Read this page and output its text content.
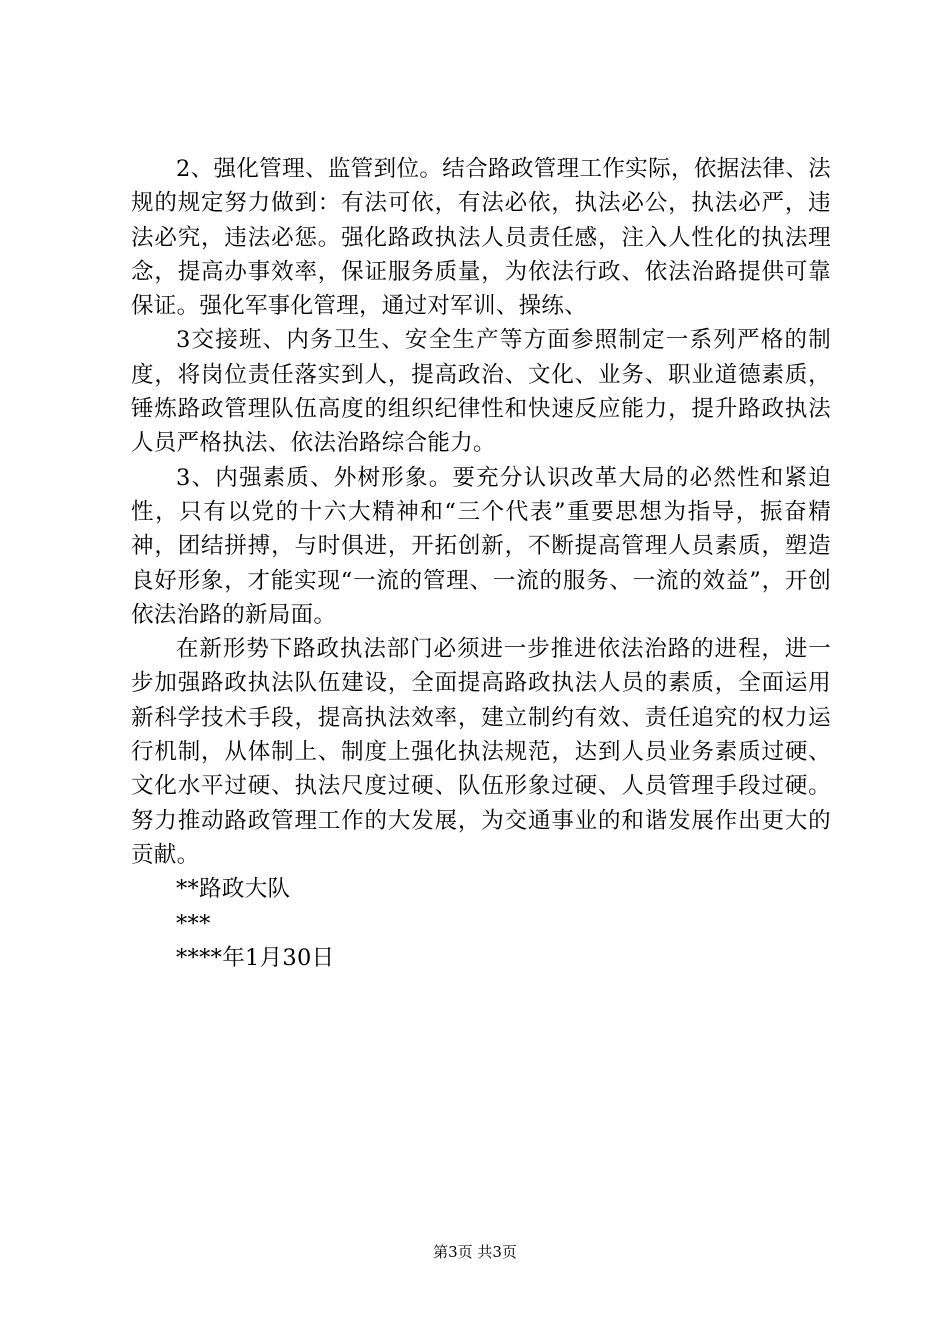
2、强化管理、监管到位。结合路政管理工作实际，依据法律、法规的规定努力做到：有法可依，有法必依，执法必公，执法必严，违法必究，违法必惩。强化路政执法人员责任感，注入人性化的执法理念，提高办事效率，保证服务质量，为依法行政、依法治路提供可靠保证。强化军事化管理，通过对军训、操练、

3交接班、内务卫生、安全生产等方面参照制定一系列严格的制度，将岗位责任落实到人，提高政治、文化、业务、职业道德素质，锤炼路政管理队伍高度的组织纪律性和快速反应能力，提升路政执法人员严格执法、依法治路综合能力。

3、内强素质、外树形象。要充分认识改革大局的必然性和紧迫性，只有以党的十六大精神和“三个代表”重要思想为指导，振奋精神，团结拼搏，与时俱进，开拓创新，不断提高管理人员素质，塑造良好形象，才能实现“一流的管理、一流的服务、一流的效益”，开创依法治路的新局面。

在新形势下路政执法部门必须进一步推进依法治路的进程，进一步加强路政执法队伍建设，全面提高路政执法人员的素质，全面运用新科学技术手段，提高执法效率，建立制约有效、责任追究的权力运行机制，从体制上、制度上强化执法规范，达到人员业务素质过硬、文化水平过硬、执法尺度过硬、队伍形象过硬、人员管理手段过硬。努力推动路政管理工作的大发展，为交通事业的和谐发展作出更大的贡献。

**路政大队

***

****年1月30日

第3页 共3页
